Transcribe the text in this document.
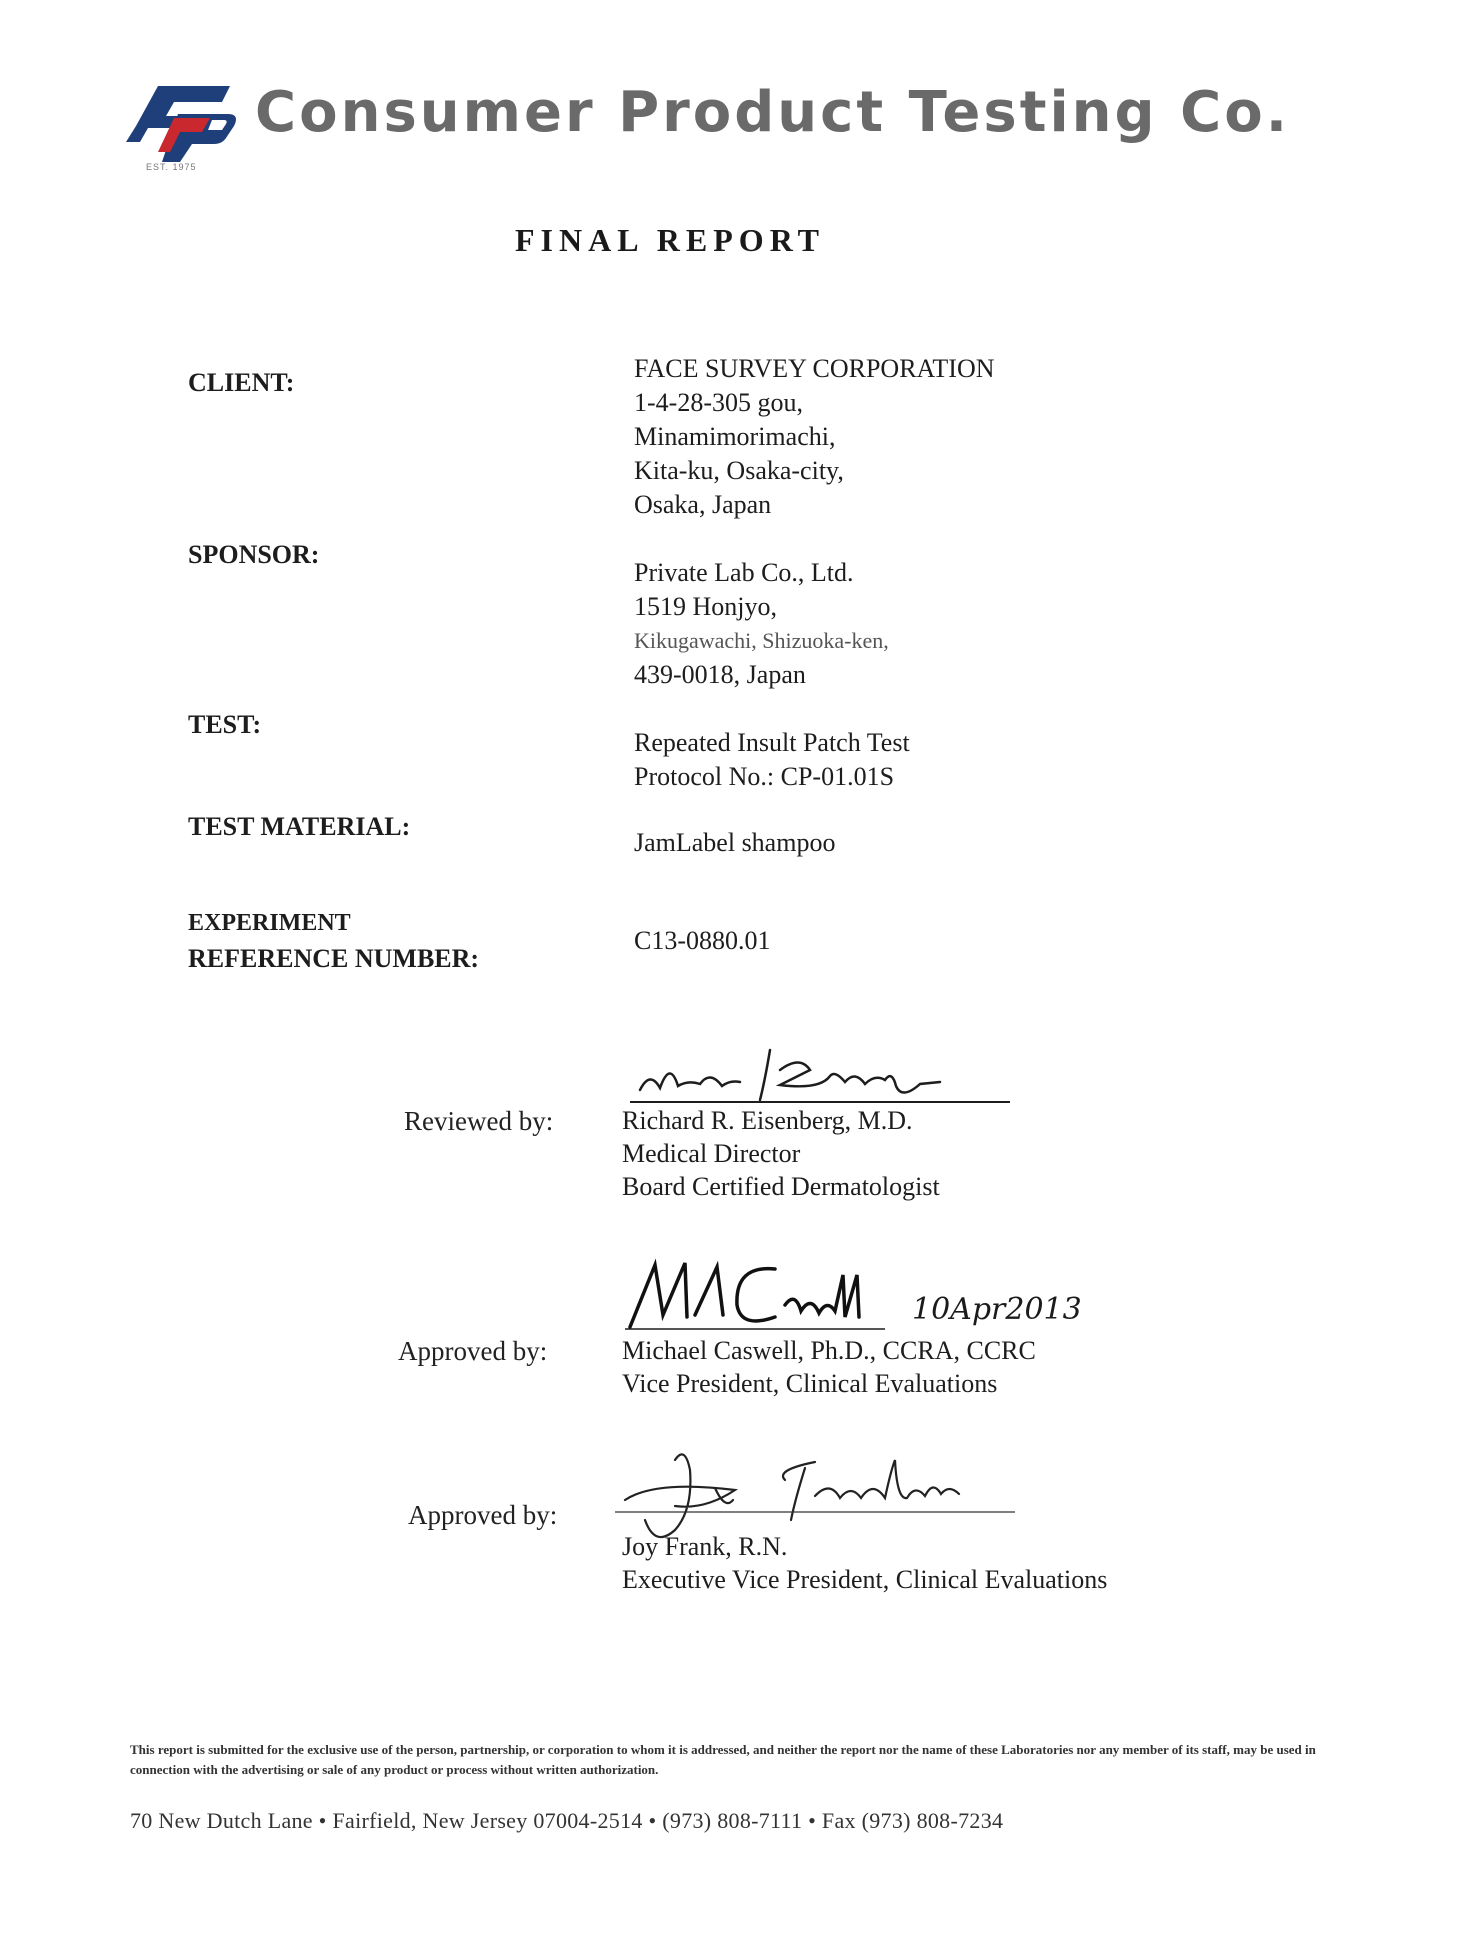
EST. 1975
Consumer Product Testing Co.
FINAL REPORT
CLIENT:	FACE SURVEY CORPORATION
1-4-28-305 gou,
Minamimorimachi,
Kita-ku, Osaka-city,
Osaka, Japan
SPONSOR:
Private Lab Co., Ltd.
1519 Honjyo,
Kikugawachi, Shizuoka-ken,
439-0018, Japan
TEST:
Repeated Insult Patch Test
Protocol No.: CP-01.01S
TEST MATERIAL:
JamLabel shampoo
EXPERIMENT
REFERENCE NUMBER:
C13-0880.01
Reviewed by:	Richard R. Eisenberg, M.D.
Medical Director
Board Certified Dermatologist
10Apr2013
Approved by:	Michael Caswell, Ph.D., CCRA, CCRC
Vice President, Clinical Evaluations
Approved by:
Joy Frank, R.N.
Executive Vice President, Clinical Evaluations
This report is submitted for the exclusive use of the person, partnership, or corporation to whom it is addressed, and neither the report nor the name of these Laboratories nor any member of its staff, may be used in connection with the advertising or sale of any product or process without written authorization.
70 New Dutch Lane • Fairfield, New Jersey 07004-2514 • (973) 808-7111 • Fax (973) 808-7234
